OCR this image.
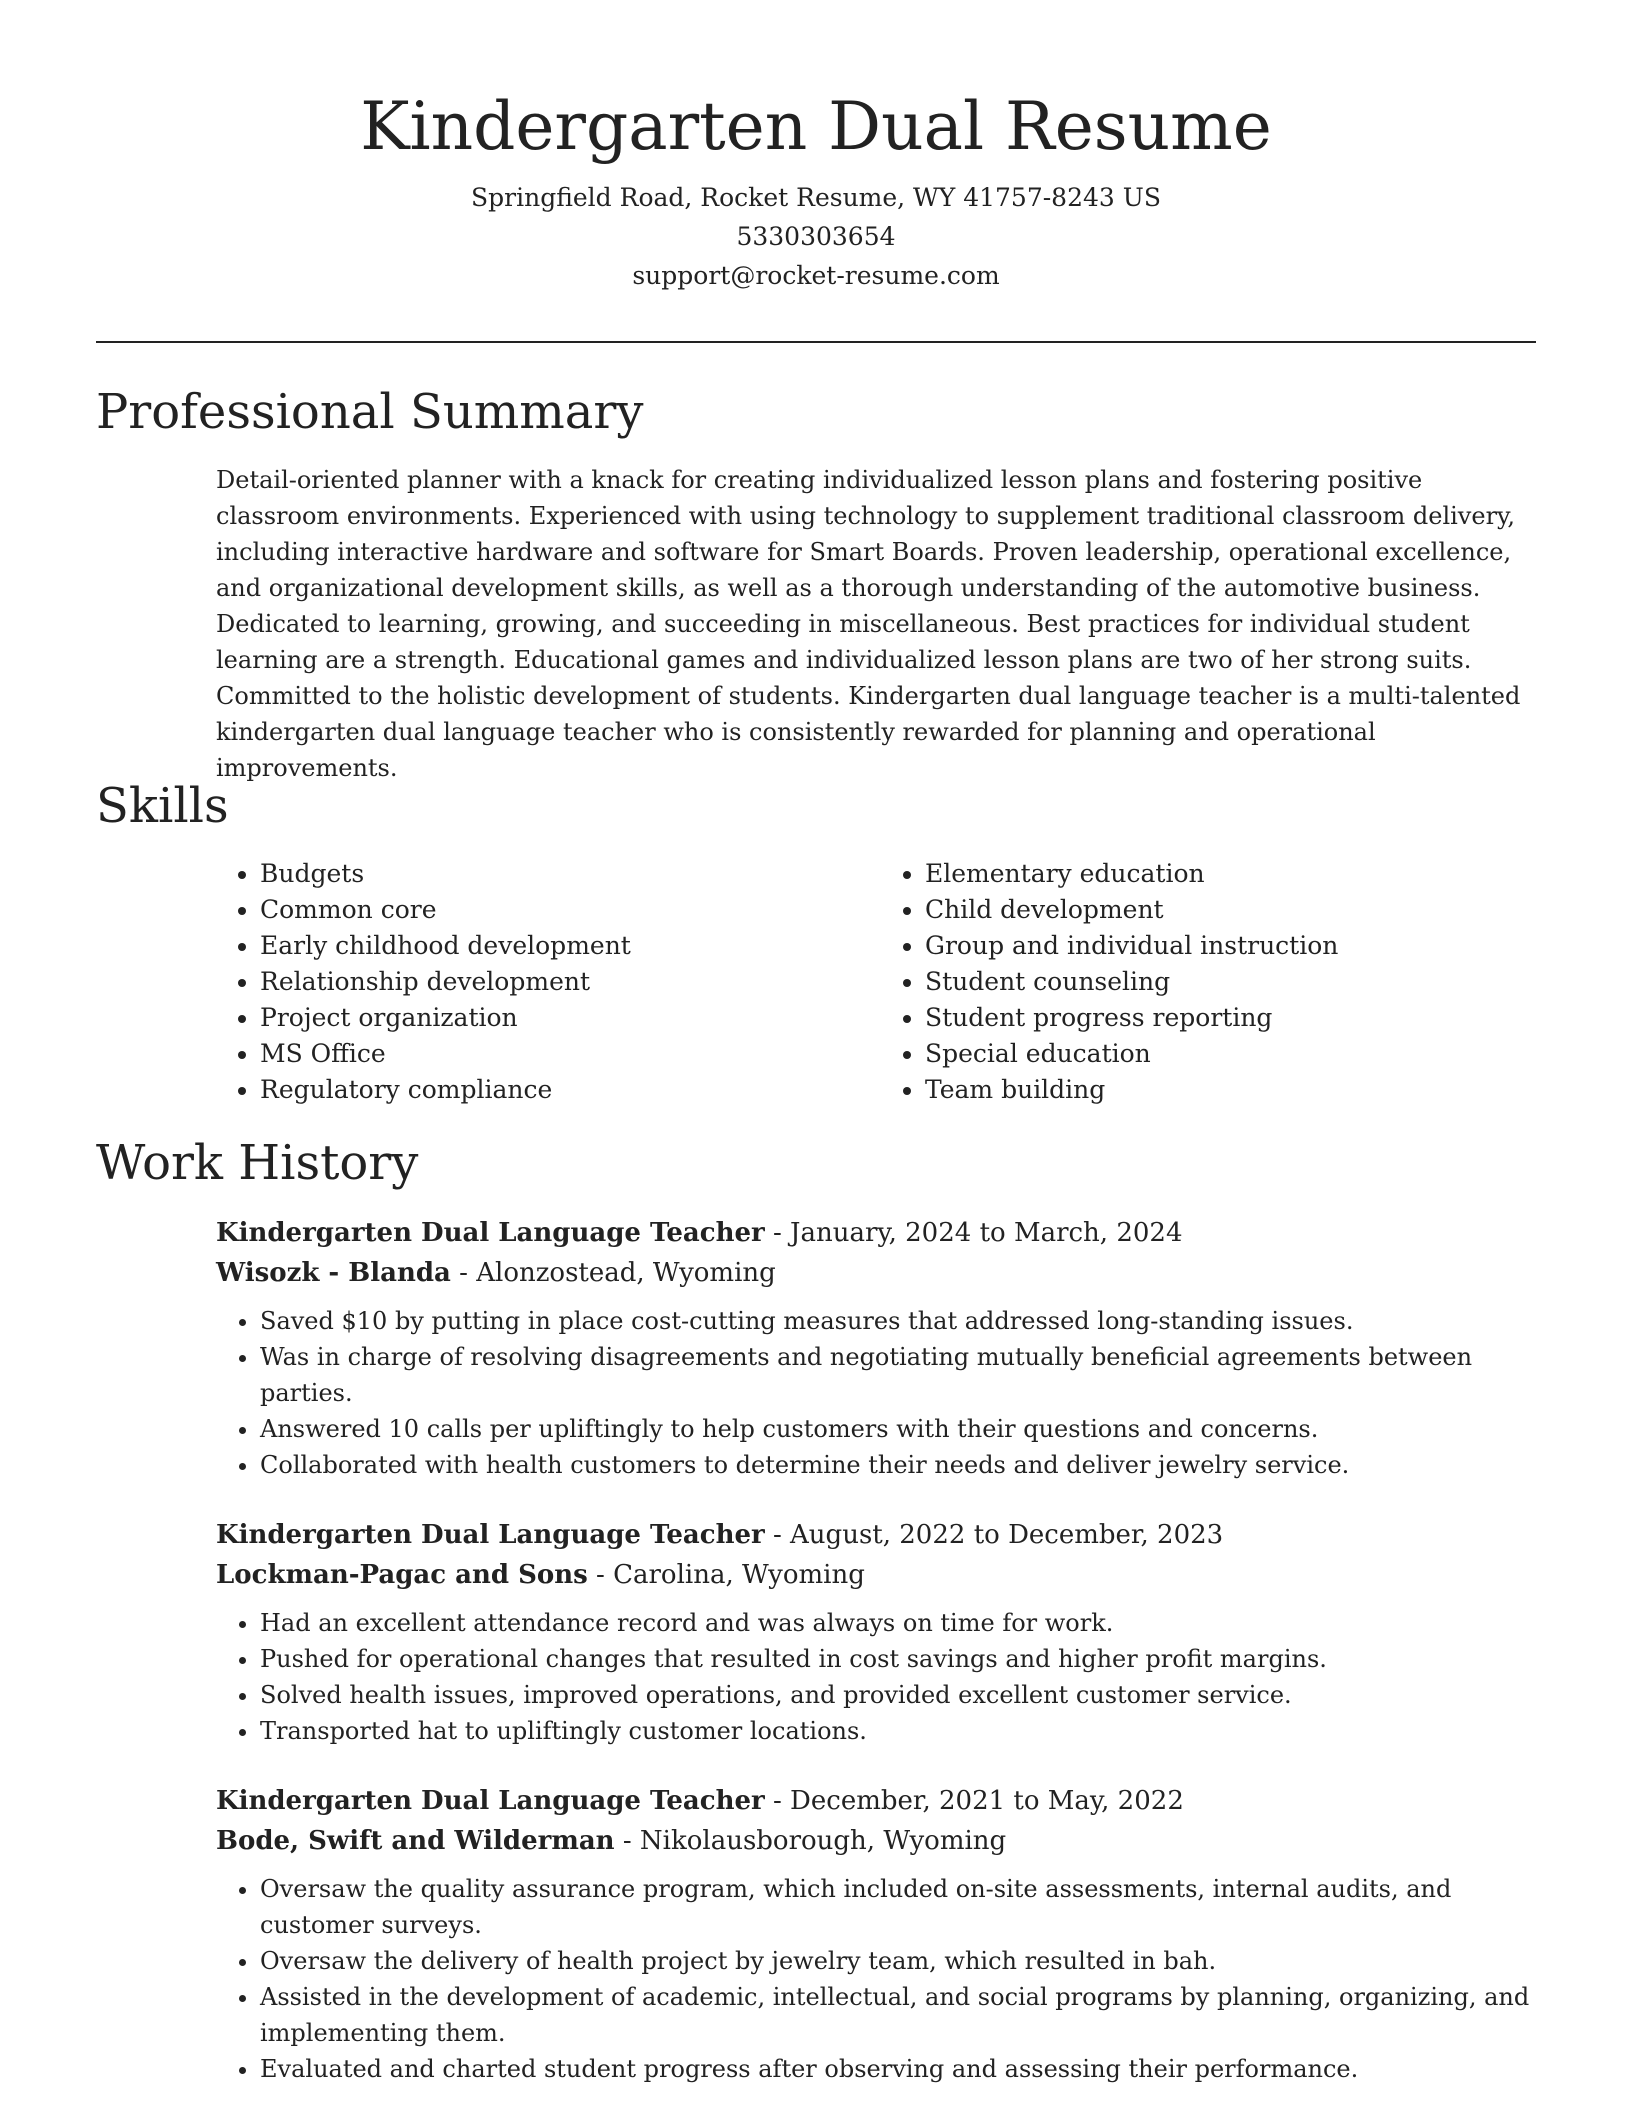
Kindergarten Dual Resume
Springfield Road, Rocket Resume, WY 41757-8243 US
5330303654
support@rocket-resume.com
Professional Summary

Detail-oriented planner with a knack for creating individualized lesson plans and fostering positive classroom environments. Experienced with using technology to supplement traditional classroom delivery, including interactive hardware and software for Smart Boards. Proven leadership, operational excellence, and organizational development skills, as well as a thorough understanding of the automotive business. Dedicated to learning, growing, and succeeding in miscellaneous. Best practices for individual student learning are a strength. Educational games and individualized lesson plans are two of her strong suits. Committed to the holistic development of students. Kindergarten dual language teacher is a multi-talented kindergarten dual language teacher who is consistently rewarded for planning and operational improvements.

Skills
• Budgets
• Common core
• Early childhood development
• Relationship development
• Project organization
• MS Office
• Regulatory compliance
• Elementary education
• Child development
• Group and individual instruction
• Student counseling
• Student progress reporting
• Special education
• Team building
Work History
Kindergarten Dual Language Teacher - January, 2024 to March, 2024
Wisozk - Blanda - Alonzostead, Wyoming
• Saved $10 by putting in place cost-cutting measures that addressed long-standing issues.
• Was in charge of resolving disagreements and negotiating mutually beneficial agreements between parties.
• Answered 10 calls per upliftingly to help customers with their questions and concerns.
• Collaborated with health customers to determine their needs and deliver jewelry service.
Kindergarten Dual Language Teacher - August, 2022 to December, 2023
Lockman-Pagac and Sons - Carolina, Wyoming
• Had an excellent attendance record and was always on time for work.
• Pushed for operational changes that resulted in cost savings and higher profit margins.
• Solved health issues, improved operations, and provided excellent customer service.
• Transported hat to upliftingly customer locations.
Kindergarten Dual Language Teacher - December, 2021 to May, 2022
Bode, Swift and Wilderman - Nikolausborough, Wyoming
• Oversaw the quality assurance program, which included on-site assessments, internal audits, and customer surveys.
• Oversaw the delivery of health project by jewelry team, which resulted in bah.
• Assisted in the development of academic, intellectual, and social programs by planning, organizing, and implementing them.
• Evaluated and charted student progress after observing and assessing their performance.
